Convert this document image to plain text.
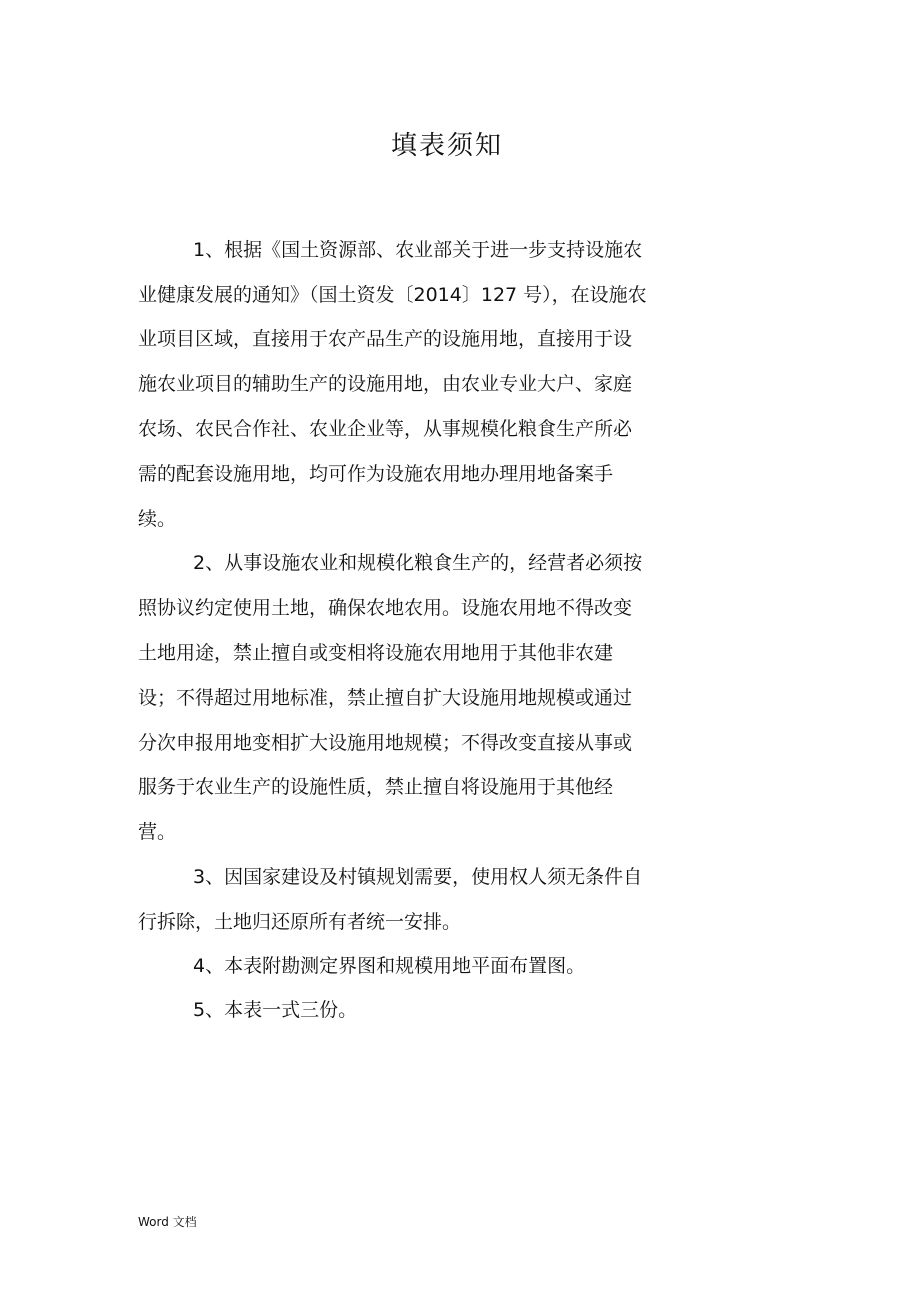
填表须知
1、根据《国土资源部、农业部关于进一步支持设施农
业健康发展的通知》（国土资发〔2014〕127 号），在设施农
业项目区域，直接用于农产品生产的设施用地，直接用于设
施农业项目的辅助生产的设施用地，由农业专业大户、家庭
农场、农民合作社、农业企业等，从事规模化粮食生产所必
需的配套设施用地，均可作为设施农用地办理用地备案手
续。
2、从事设施农业和规模化粮食生产的，经营者必须按
照协议约定使用土地，确保农地农用。设施农用地不得改变
土地用途，禁止擅自或变相将设施农用地用于其他非农建
设；不得超过用地标准，禁止擅自扩大设施用地规模或通过
分次申报用地变相扩大设施用地规模；不得改变直接从事或
服务于农业生产的设施性质，禁止擅自将设施用于其他经
营。
3、因国家建设及村镇规划需要，使用权人须无条件自
行拆除，土地归还原所有者统一安排。
4、本表附勘测定界图和规模用地平面布置图。
5、本表一式三份。
Word 文档
